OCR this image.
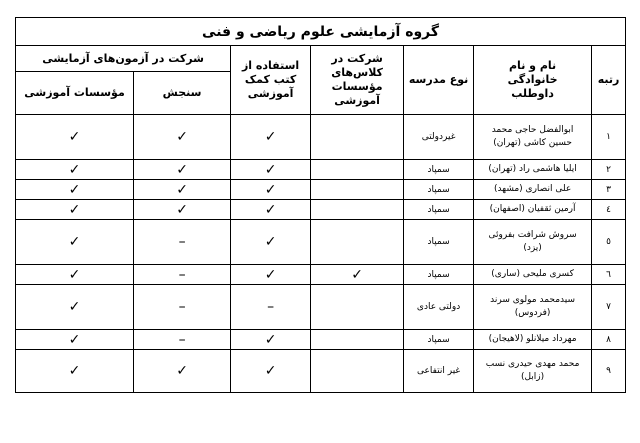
گروه آزمایشی علوم ریاضی و فنی						
رتبه	نام و نام خانوادگی داوطلب	نوع مدرسه	شرکت در کلاس‌های مؤسسات آموزشی	استفاده از کتب کمک آموزشی	شرکت در آزمون‌های آزمایشی	
					سنجش	مؤسسات آموزشی
۱	ابوالفضل حاجی محمد حسین کاشی (تهران)	غیردولتی		✓	✓	✓
۲	ایلیا هاشمی راد (تهران)	سمپاد		✓	✓	✓
۳	علی انصاری (مشهد)	سمپاد		✓	✓	✓
٤	آرمین ثقفیان (اصفهان)	سمپاد		✓	✓	✓
٥	سروش شرافت بفروئی (یزد)	سمپاد		✓	–	✓
٦	کسری ملیحی (ساری)	سمپاد	✓	✓	–	✓
۷	سیدمحمد مولوی سرند (فردوس)	دولتی عادی		–	–	✓
۸	مهرداد میلانلو (لاهیجان)	سمپاد		✓	–	✓
۹	محمد مهدی حیدری نسب (زابل)	غیر انتفاعی		✓	✓	✓
